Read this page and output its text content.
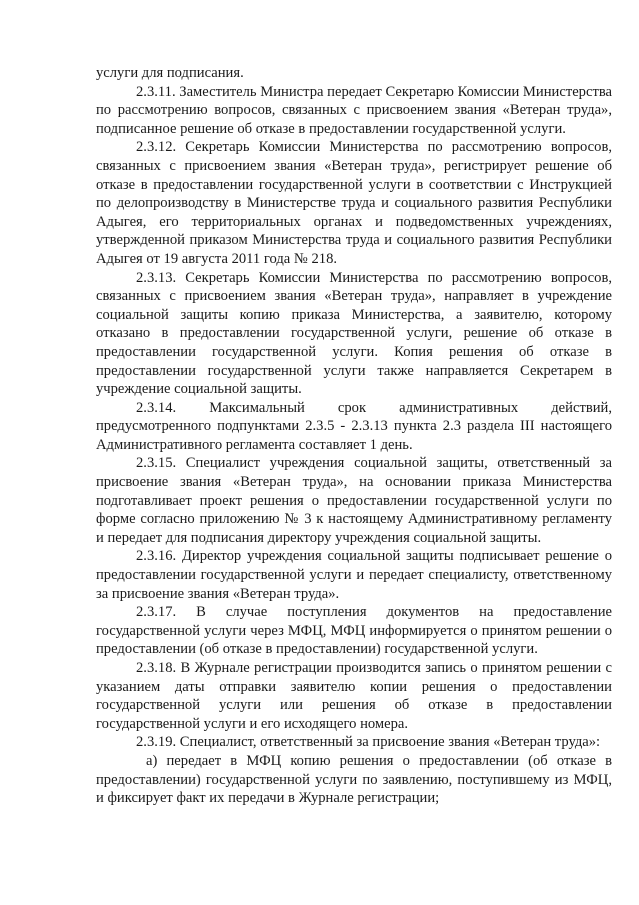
услуги для подписания.

2.3.11. Заместитель Министра передает Секретарю Комиссии Министерства по рассмотрению вопросов, связанных с присвоением звания «Ветеран труда», подписанное решение об отказе в предоставлении государственной услуги.

2.3.12. Секретарь Комиссии Министерства по рассмотрению вопросов, связанных с присвоением звания «Ветеран труда», регистрирует решение об отказе в предоставлении государственной услуги в соответствии с Инструкцией по делопроизводству в Министерстве труда и социального развития Республики Адыгея, его территориальных органах и подведомственных учреждениях, утвержденной приказом Министерства труда и социального развития Республики Адыгея от 19 августа 2011 года № 218.

2.3.13. Секретарь Комиссии Министерства по рассмотрению вопросов, связанных с присвоением звания «Ветеран труда», направляет в учреждение социальной защиты копию приказа Министерства, а заявителю, которому отказано в предоставлении государственной услуги, решение об отказе в предоставлении государственной услуги. Копия решения об отказе в предоставлении государственной услуги также направляется Секретарем в учреждение социальной защиты.

2.3.14. Максимальный срок административных действий, предусмотренного подпунктами 2.3.5 - 2.3.13 пункта 2.3 раздела III настоящего Административного регламента составляет 1 день.

2.3.15. Специалист учреждения социальной защиты, ответственный за присвоение звания «Ветеран труда», на основании приказа Министерства подготавливает проект решения о предоставлении государственной услуги по форме согласно приложению № 3 к настоящему Административному регламенту и передает для подписания директору учреждения социальной защиты.

2.3.16. Директор учреждения социальной защиты подписывает решение о предоставлении государственной услуги и передает специалисту, ответственному за присвоение звания «Ветеран труда».

2.3.17. В случае поступления документов на предоставление государственной услуги через МФЦ, МФЦ информируется о принятом решении о предоставлении (об отказе в предоставлении) государственной услуги.

2.3.18. В Журнале регистрации производится запись о принятом решении с указанием даты отправки заявителю копии решения о предоставлении государственной услуги или решения об отказе в предоставлении государственной услуги и его исходящего номера.

2.3.19. Специалист, ответственный за присвоение звания «Ветеран труда»:

а) передает в МФЦ копию решения о предоставлении (об отказе в предоставлении) государственной услуги по заявлению, поступившему из МФЦ, и фиксирует факт их передачи в Журнале регистрации;
